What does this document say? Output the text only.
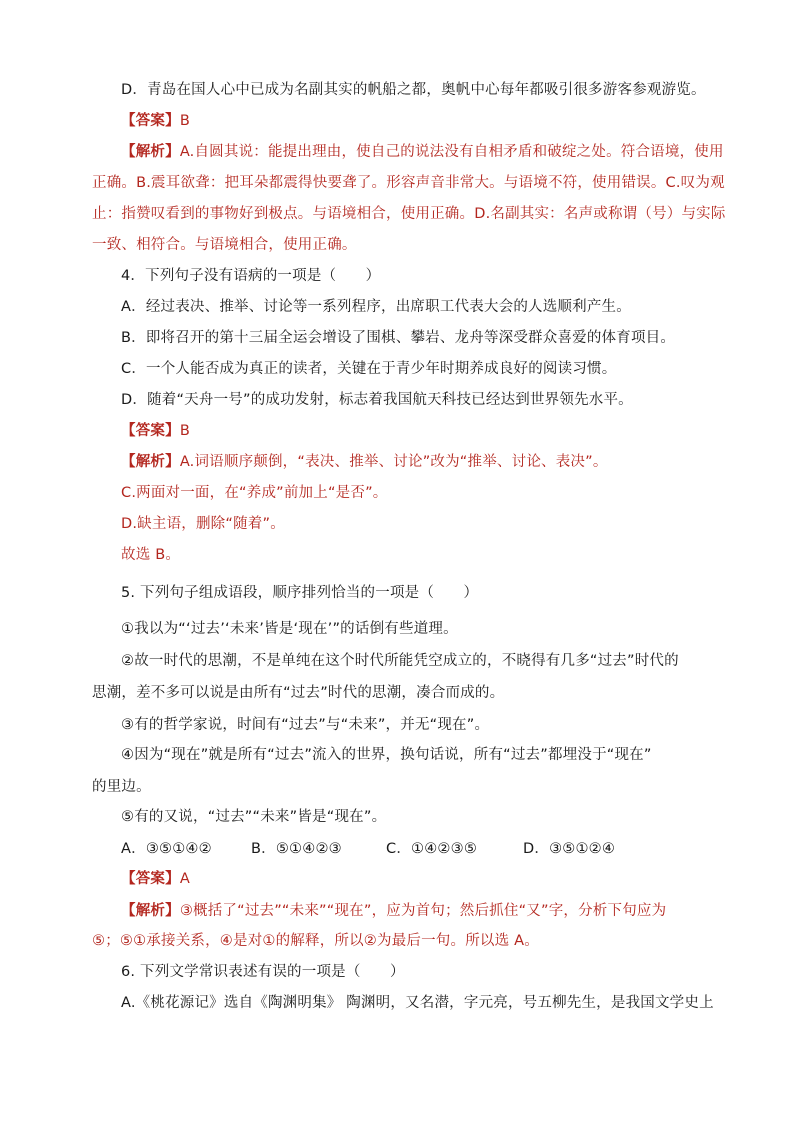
D．青岛在国人心中已成为名副其实的帆船之都，奥帆中心每年都吸引很多游客参观游览。
【答案】B
【解析】A.自圆其说：能提出理由，使自己的说法没有自相矛盾和破绽之处。符合语境，使用
正确。B.震耳欲聋：把耳朵都震得快要聋了。形容声音非常大。与语境不符，使用错误。C.叹为观
止：指赞叹看到的事物好到极点。与语境相合，使用正确。D.名副其实：名声或称谓（号）与实际
一致、相符合。与语境相合，使用正确。
4．下列句子没有语病的一项是（　　）
A．经过表决、推举、讨论等一系列程序，出席职工代表大会的人选顺利产生。
B．即将召开的第十三届全运会增设了围棋、攀岩、龙舟等深受群众喜爱的体育项目。
C．一个人能否成为真正的读者，关键在于青少年时期养成良好的阅读习惯。
D．随着“天舟一号”的成功发射，标志着我国航天科技已经达到世界领先水平。
【答案】B
【解析】A.词语顺序颠倒，“表决、推举、讨论”改为“推举、讨论、表决”。
C.两面对一面，在“养成”前加上“是否”。
D.缺主语，删除“随着”。
故选 B。
5. 下列句子组成语段，顺序排列恰当的一项是（　　）
①我以为“‘过去’‘未来’皆是‘现在’”的话倒有些道理。
②故一时代的思潮，不是单纯在这个时代所能凭空成立的，不晓得有几多“过去”时代的
思潮，差不多可以说是由所有“过去”时代的思潮，凑合而成的。
③有的哲学家说，时间有“过去”与“未来”，并无“现在”。
④因为“现在”就是所有“过去”流入的世界，换句话说，所有“过去”都埋没于“现在”
的里边。
⑤有的又说，“过去”“未来”皆是“现在”。
A．③⑤①④②	B．⑤①④②③	C．①④②③⑤	D．③⑤①②④
【答案】A
【解析】③概括了“过去”“未来”“现在”，应为首句；然后抓住“又”字，分析下句应为
⑤；⑤①承接关系，④是对①的解释，所以②为最后一句。所以选 A。
6. 下列文学常识表述有误的一项是（　　）
A.《桃花源记》选自《陶渊明集》 陶渊明，又名潜，字元亮，号五柳先生，是我国文学史上
